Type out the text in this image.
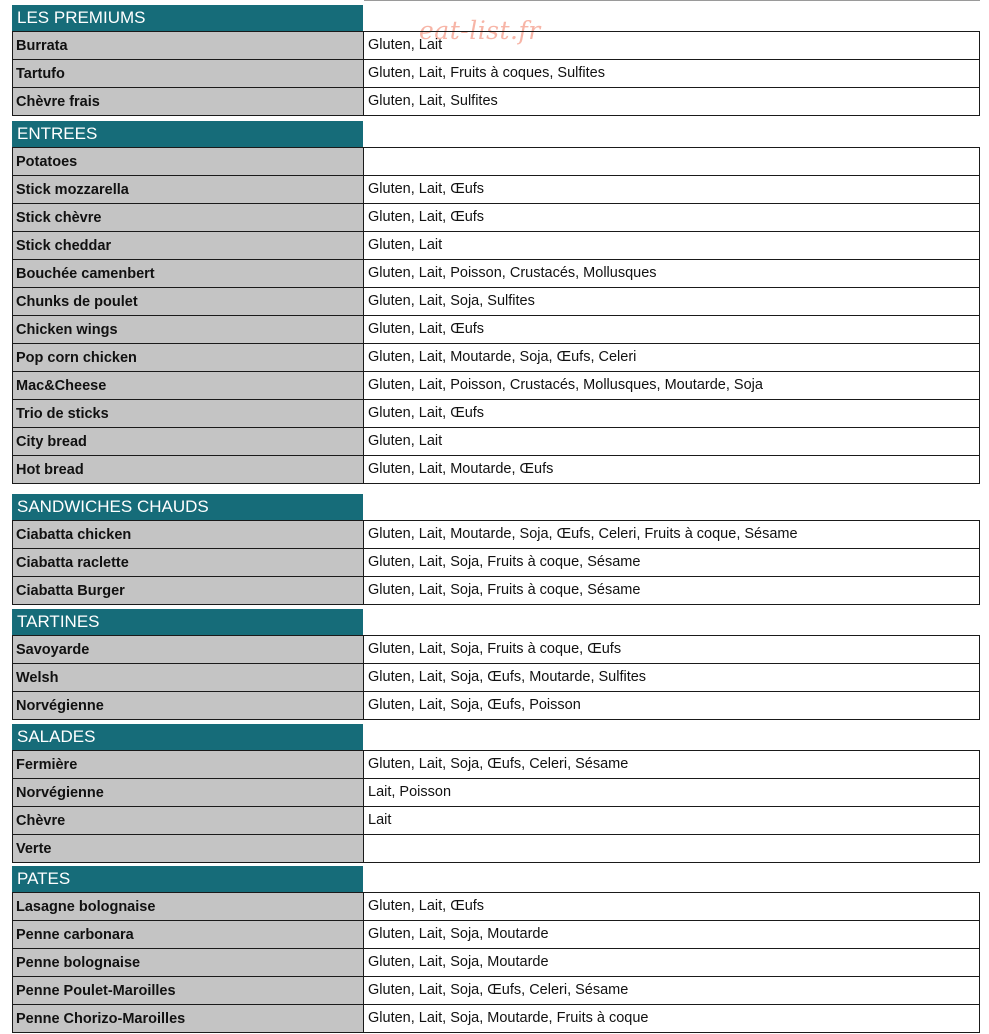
eat-list.fr
LES PREMIUMS
Burrata	Gluten, Lait
Tartufo	Gluten, Lait, Fruits à coques, Sulfites
Chèvre frais	Gluten, Lait, Sulfites
ENTREES
Potatoes
Stick mozzarella	Gluten, Lait, Œufs
Stick chèvre	Gluten, Lait, Œufs
Stick cheddar	Gluten, Lait
Bouchée camenbert	Gluten, Lait, Poisson, Crustacés, Mollusques
Chunks de poulet	Gluten, Lait, Soja, Sulfites
Chicken wings	Gluten, Lait, Œufs
Pop corn chicken	Gluten, Lait, Moutarde, Soja, Œufs, Celeri
Mac&Cheese	Gluten, Lait, Poisson, Crustacés, Mollusques, Moutarde, Soja
Trio de sticks	Gluten, Lait, Œufs
City bread	Gluten, Lait
Hot bread	Gluten, Lait, Moutarde, Œufs
SANDWICHES CHAUDS
Ciabatta chicken	Gluten, Lait, Moutarde, Soja, Œufs, Celeri, Fruits à coque, Sésame
Ciabatta raclette	Gluten, Lait, Soja, Fruits à coque, Sésame
Ciabatta Burger	Gluten, Lait, Soja, Fruits à coque, Sésame
TARTINES
Savoyarde	Gluten, Lait, Soja, Fruits à coque, Œufs
Welsh	Gluten, Lait, Soja, Œufs, Moutarde, Sulfites
Norvégienne	Gluten, Lait, Soja, Œufs, Poisson
SALADES
Fermière	Gluten, Lait, Soja, Œufs, Celeri, Sésame
Norvégienne	Lait, Poisson
Chèvre	Lait
Verte
PATES
Lasagne bolognaise	Gluten, Lait, Œufs
Penne carbonara	Gluten, Lait, Soja, Moutarde
Penne bolognaise	Gluten, Lait, Soja, Moutarde
Penne Poulet-Maroilles	Gluten, Lait, Soja, Œufs, Celeri, Sésame
Penne Chorizo-Maroilles	Gluten, Lait, Soja, Moutarde, Fruits à coque
